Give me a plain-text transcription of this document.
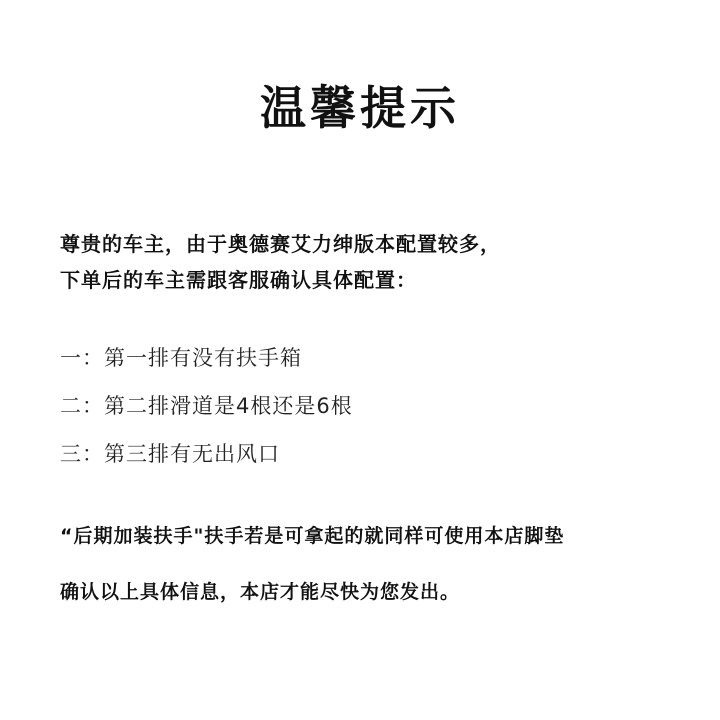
温馨提示
尊贵的车主，由于奥德赛艾力绅版本配置较多，
下单后的车主需跟客服确认具体配置：
一：第一排有没有扶手箱
二：第二排滑道是4根还是6根
三：第三排有无出风口
“后期加装扶手"扶手若是可拿起的就同样可使用本店脚垫
确认以上具体信息，本店才能尽快为您发出。
